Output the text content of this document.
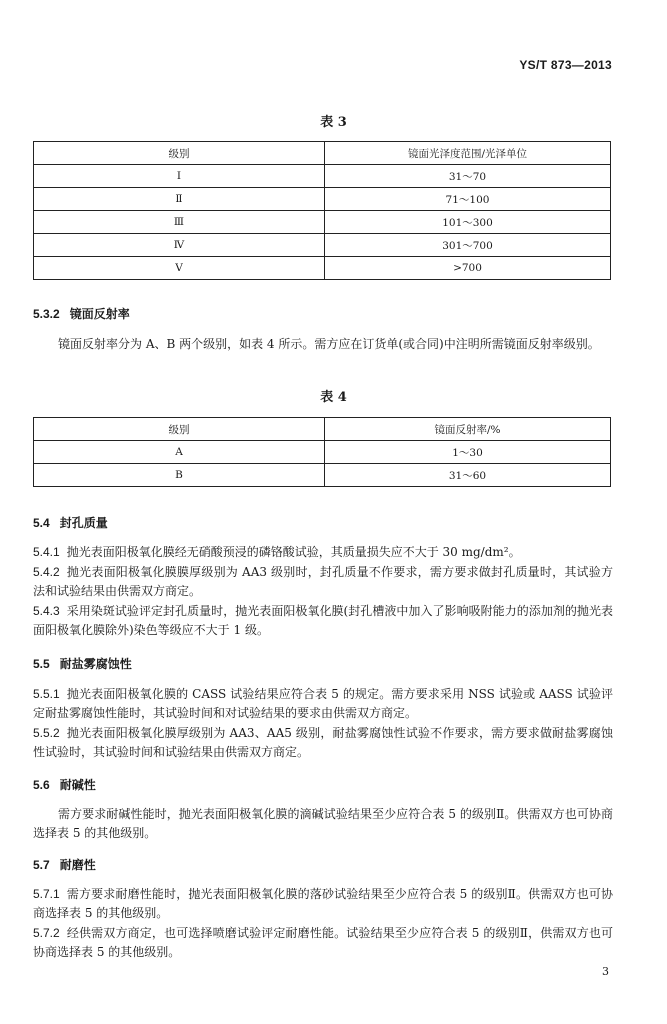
YS/T 873—2013
表 3
级别	镜面光泽度范围/光泽单位
Ⅰ	31～70
Ⅱ	71～100
Ⅲ	101～300
Ⅳ	301～700
Ⅴ	>700
5.3.2 镜面反射率
镜面反射率分为 A、B 两个级别，如表 4 所示。需方应在订货单(或合同)中注明所需镜面反射率级别。
表 4
级别	镜面反射率/%
A	1～30
B	31～60
5.4 封孔质量
5.4.1 抛光表面阳极氧化膜经无硝酸预浸的磷铬酸试验，其质量损失应不大于 30 mg/dm²。
5.4.2 抛光表面阳极氧化膜膜厚级别为 AA3 级别时，封孔质量不作要求，需方要求做封孔质量时，其试验方法和试验结果由供需双方商定。
5.4.3 采用染斑试验评定封孔质量时，抛光表面阳极氧化膜(封孔槽液中加入了影响吸附能力的添加剂的抛光表面阳极氧化膜除外)染色等级应不大于 1 级。
5.5 耐盐雾腐蚀性
5.5.1 抛光表面阳极氧化膜的 CASS 试验结果应符合表 5 的规定。需方要求采用 NSS 试验或 AASS 试验评定耐盐雾腐蚀性能时，其试验时间和对试验结果的要求由供需双方商定。
5.5.2 抛光表面阳极氧化膜厚级别为 AA3、AA5 级别，耐盐雾腐蚀性试验不作要求，需方要求做耐盐雾腐蚀性试验时，其试验时间和试验结果由供需双方商定。
5.6 耐碱性
需方要求耐碱性能时，抛光表面阳极氧化膜的滴碱试验结果至少应符合表 5 的级别Ⅱ。供需双方也可协商选择表 5 的其他级别。
5.7 耐磨性
5.7.1 需方要求耐磨性能时，抛光表面阳极氧化膜的落砂试验结果至少应符合表 5 的级别Ⅱ。供需双方也可协商选择表 5 的其他级别。
5.7.2 经供需双方商定，也可选择喷磨试验评定耐磨性能。试验结果至少应符合表 5 的级别Ⅱ，供需双方也可协商选择表 5 的其他级别。
3
